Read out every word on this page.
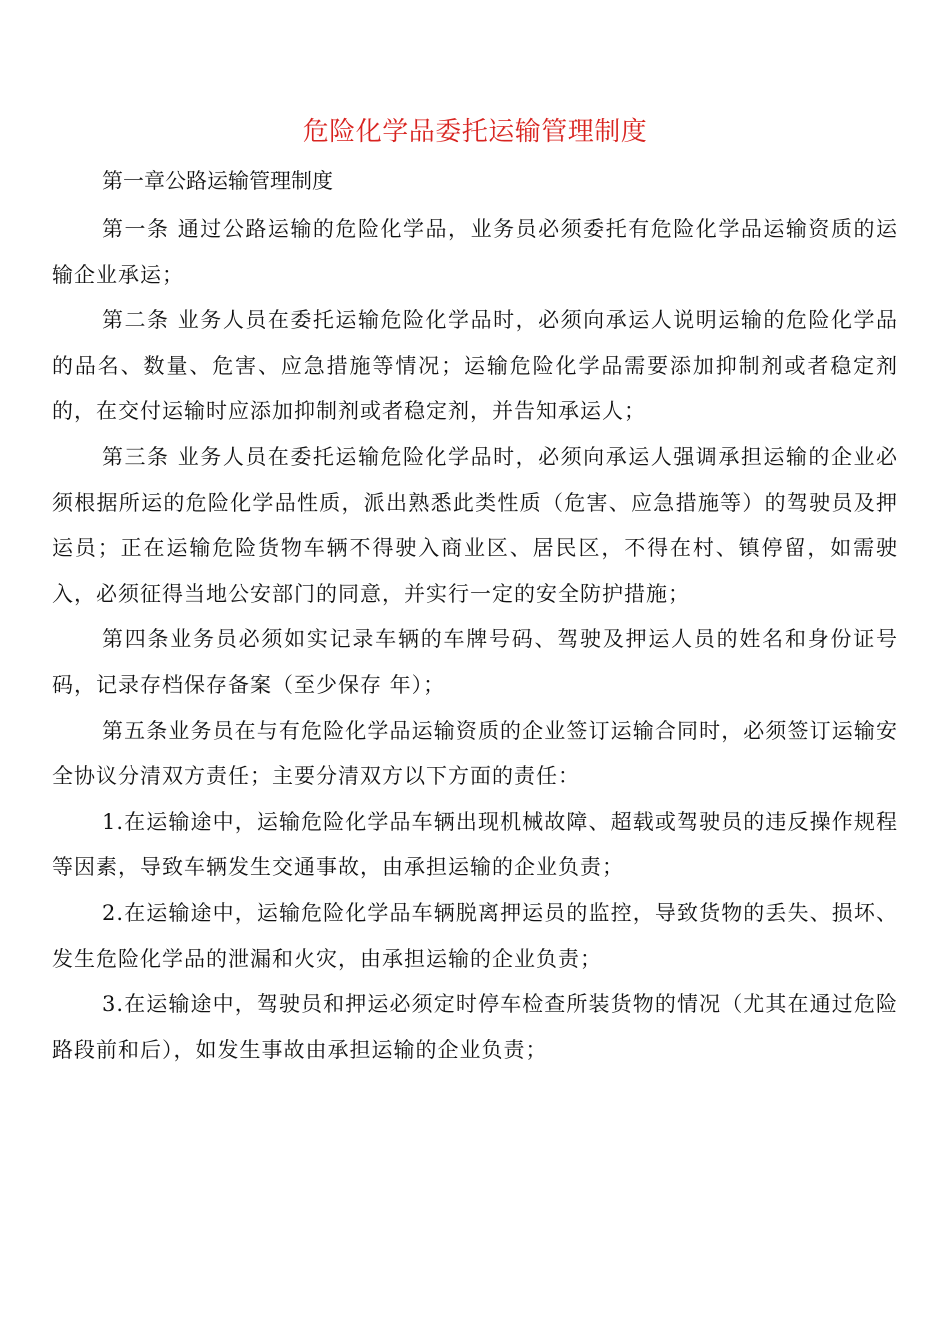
危险化学品委托运输管理制度

第一章公路运输管理制度

第一条 通过公路运输的危险化学品，业务员必须委托有危险化学品运输资质的运输企业承运；

第二条 业务人员在委托运输危险化学品时，必须向承运人说明运输的危险化学品的品名、数量、危害、应急措施等情况；运输危险化学品需要添加抑制剂或者稳定剂的，在交付运输时应添加抑制剂或者稳定剂，并告知承运人；

第三条 业务人员在委托运输危险化学品时，必须向承运人强调承担运输的企业必须根据所运的危险化学品性质，派出熟悉此类性质（危害、应急措施等）的驾驶员及押运员；正在运输危险货物车辆不得驶入商业区、居民区，不得在村、镇停留，如需驶入，必须征得当地公安部门的同意，并实行一定的安全防护措施；

第四条业务员必须如实记录车辆的车牌号码、驾驶及押运人员的姓名和身份证号码，记录存档保存备案（至少保存 年）；

第五条业务员在与有危险化学品运输资质的企业签订运输合同时，必须签订运输安全协议分清双方责任；主要分清双方以下方面的责任：

1.在运输途中，运输危险化学品车辆出现机械故障、超载或驾驶员的违反操作规程等因素，导致车辆发生交通事故，由承担运输的企业负责；

2.在运输途中，运输危险化学品车辆脱离押运员的监控，导致货物的丢失、损坏、发生危险化学品的泄漏和火灾，由承担运输的企业负责；

3.在运输途中，驾驶员和押运必须定时停车检查所装货物的情况（尤其在通过危险路段前和后），如发生事故由承担运输的企业负责；
